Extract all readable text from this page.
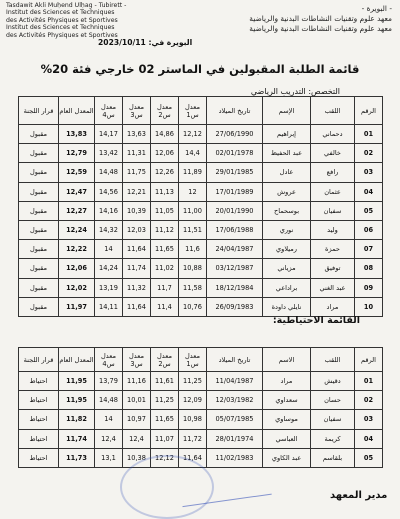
Tasdawit Akli Muḥend Ulḥag - Tubirett -
Institut des Sciences et Techniques
des Activités Physiques et Sportives
Institut des Sciences et Techniques
des Activités Physiques et Sportives
- البويرة -
معهد علوم وتقنيات النشاطات البدنية والرياضية
معهد علوم وتقنيات النشاطات البدنية والرياضية
البويرة في: 2023/10/11
قائمة الطلبة المقبولين في الماستر 02 خارجي فئة 20%
التخصص: التدريب الرياضي
الرقم	اللقب	الإسم	تاريخ الميلاد	معدل س1	معدل س2	معدل س3	معدل س4	المعدل العام	قرار اللجنة
01	دحماني	إبراهيم	27/06/1990	12,12	14,86	13,63	14,17	13,83	مقبول
02	خالفي	عبد الحفيظ	02/01/1978	14,4	12,06	11,31	13,42	12,79	مقبول
03	رافع	عادل	29/01/1985	11,89	12,26	11,75	14,48	12,59	مقبول
04	عثمان	عروش	17/01/1989	12	11,13	12,21	14,56	12,47	مقبول
05	سفيان	بوسحماح	20/01/1990	11,00	11,05	10,39	14,16	12,27	مقبول
06	وليد	نوري	17/06/1988	11,51	11,12	12,03	14,32	12,24	مقبول
07	حمزة	رميلاوي	24/04/1987	11,6	11,65	11,64	14	12,22	مقبول
08	توفيق	مزياني	03/12/1987	10,88	11,02	11,74	14,24	12,06	مقبول
09	عبد الغني	براداعي	18/12/1984	11,58	11,7	11,32	13,19	12,02	مقبول
10	مراد	نايلي داودة	26/09/1983	10,76	11,4	11,64	14,11	11,97	مقبول
القائمة الاحتياطية:
الرقم	اللقب	الاسم	تاريخ الميلاد	معدل س1	معدل س2	معدل س3	معدل س4	المعدل العام	قرار اللجنة
01	دقيش	مراد	11/04/1987	11,25	11,61	11,16	13,79	11,95	احتياط
02	حسان	سعداوي	12/03/1982	12,09	11,25	10,01	14,48	11,95	احتياط
03	سفيان	موساوي	05/07/1985	10,98	11,65	10,97	14	11,82	احتياط
04	كريمة	العباسي	28/01/1974	11,72	11,07	12,4	12,4	11,74	احتياط
05	بلقاسم	عبد الكاوي	11/02/1983	11,64	12,12	10,38	13,1	11,73	احتياط
مدير المعهد
